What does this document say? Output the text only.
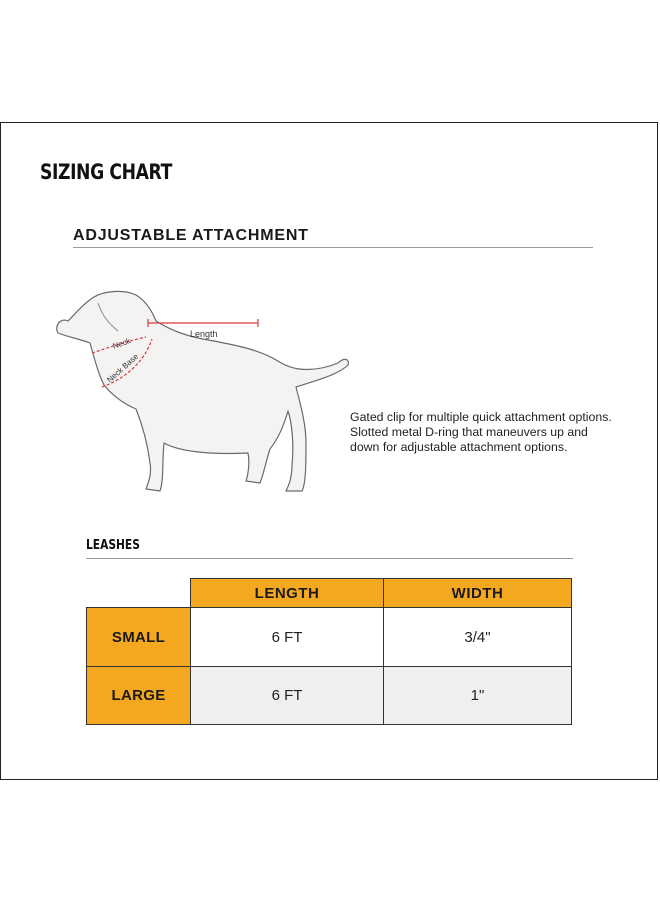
SIZING CHART
ADJUSTABLE ATTACHMENT
Length
Neck
Neck Base

Gated clip for multiple quick attachment options.

Slotted metal D-ring that maneuvers up and

down for adjustable attachment options.

LEASHES
LENGTH	WIDTH
SMALL	6 FT	3/4"
LARGE	6 FT	1"
